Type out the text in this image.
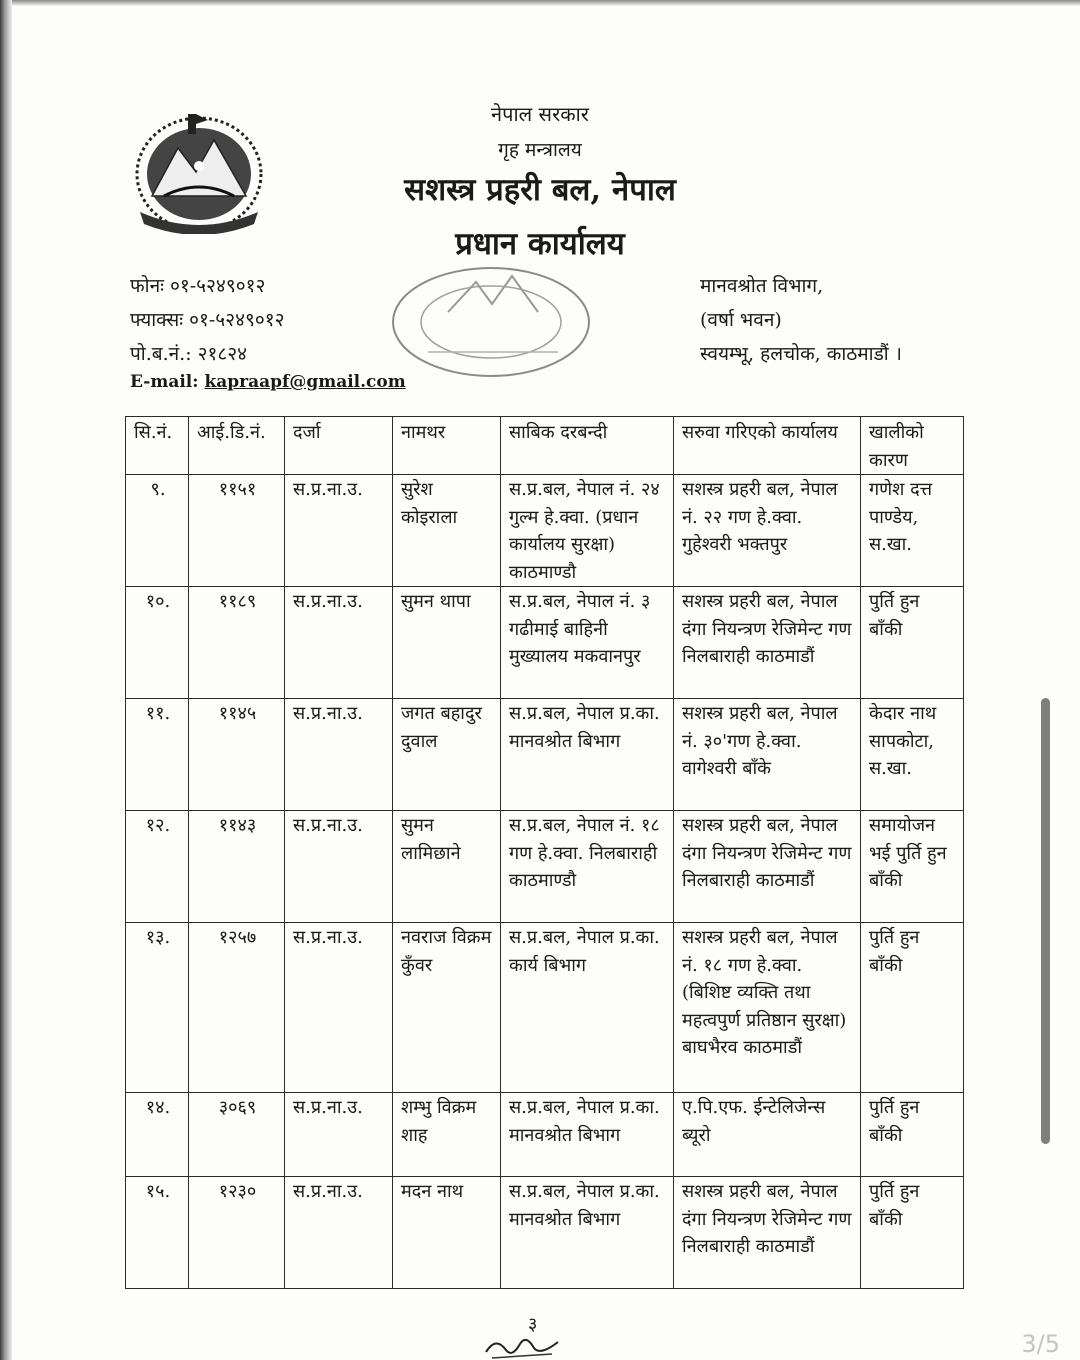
नेपाल सरकार
गृह मन्त्रालय
सशस्त्र प्रहरी बल, नेपाल
प्रधान कार्यालय
फोनः ०१-५२४९०१२
फ्याक्सः ०१-५२४९०१२
पो.ब.नं.: २१८२४
E-mail: kapraapf@gmail.com
मानवश्रोत विभाग,
(वर्षा भवन)
स्वयम्भू, हलचोक, काठमाडौं ।
सि.नं.	आई.डि.नं.	दर्जा	नामथर	साबिक दरबन्दी	सरुवा गरिएको कार्यालय	खालीको कारण
९.	११५१	स.प्र.ना.उ.	सुरेश कोइराला	स.प्र.बल, नेपाल नं. २४ गुल्म हे.क्वा. (प्रधान कार्यालय सुरक्षा) काठमाण्डौ	सशस्त्र प्रहरी बल, नेपाल नं. २२ गण हे.क्वा. गुहेश्वरी भक्तपुर	गणेश दत्त पाण्डेय, स.खा.
१०.	११८९	स.प्र.ना.उ.	सुमन थापा	स.प्र.बल, नेपाल नं. ३ गढीमाई बाहिनी मुख्यालय मकवानपुर	सशस्त्र प्रहरी बल, नेपाल दंगा नियन्त्रण रेजिमेन्ट गण निलबाराही काठमाडौं	पुर्ति हुन बाँकी
११.	११४५	स.प्र.ना.उ.	जगत बहादुर दुवाल	स.प्र.बल, नेपाल प्र.का. मानवश्रोत बिभाग	सशस्त्र प्रहरी बल, नेपाल नं. ३०'गण हे.क्वा. वागेश्वरी बाँके	केदार नाथ सापकोटा, स.खा.
१२.	११४३	स.प्र.ना.उ.	सुमन लामिछाने	स.प्र.बल, नेपाल नं. १८ गण हे.क्वा. निलबाराही काठमाण्डौ	सशस्त्र प्रहरी बल, नेपाल दंगा नियन्त्रण रेजिमेन्ट गण निलबाराही काठमाडौं	समायोजन भई पुर्ति हुन बाँकी
१३.	१२५७	स.प्र.ना.उ.	नवराज विक्रम कुँवर	स.प्र.बल, नेपाल प्र.का. कार्य बिभाग	सशस्त्र प्रहरी बल, नेपाल नं. १८ गण हे.क्वा. (बिशिष्ट व्यक्ति तथा महत्वपुर्ण प्रतिष्ठान सुरक्षा) बाघभैरव काठमाडौं	पुर्ति हुन बाँकी
१४.	३०६९	स.प्र.ना.उ.	शम्भु विक्रम शाह	स.प्र.बल, नेपाल प्र.का. मानवश्रोत बिभाग	ए.पि.एफ. ईन्टेलिजेन्स ब्यूरो	पुर्ति हुन बाँकी
१५.	१२३०	स.प्र.ना.उ.	मदन नाथ	स.प्र.बल, नेपाल प्र.का. मानवश्रोत बिभाग	सशस्त्र प्रहरी बल, नेपाल दंगा नियन्त्रण रेजिमेन्ट गण निलबाराही काठमाडौं	पुर्ति हुन बाँकी
३
3/5
